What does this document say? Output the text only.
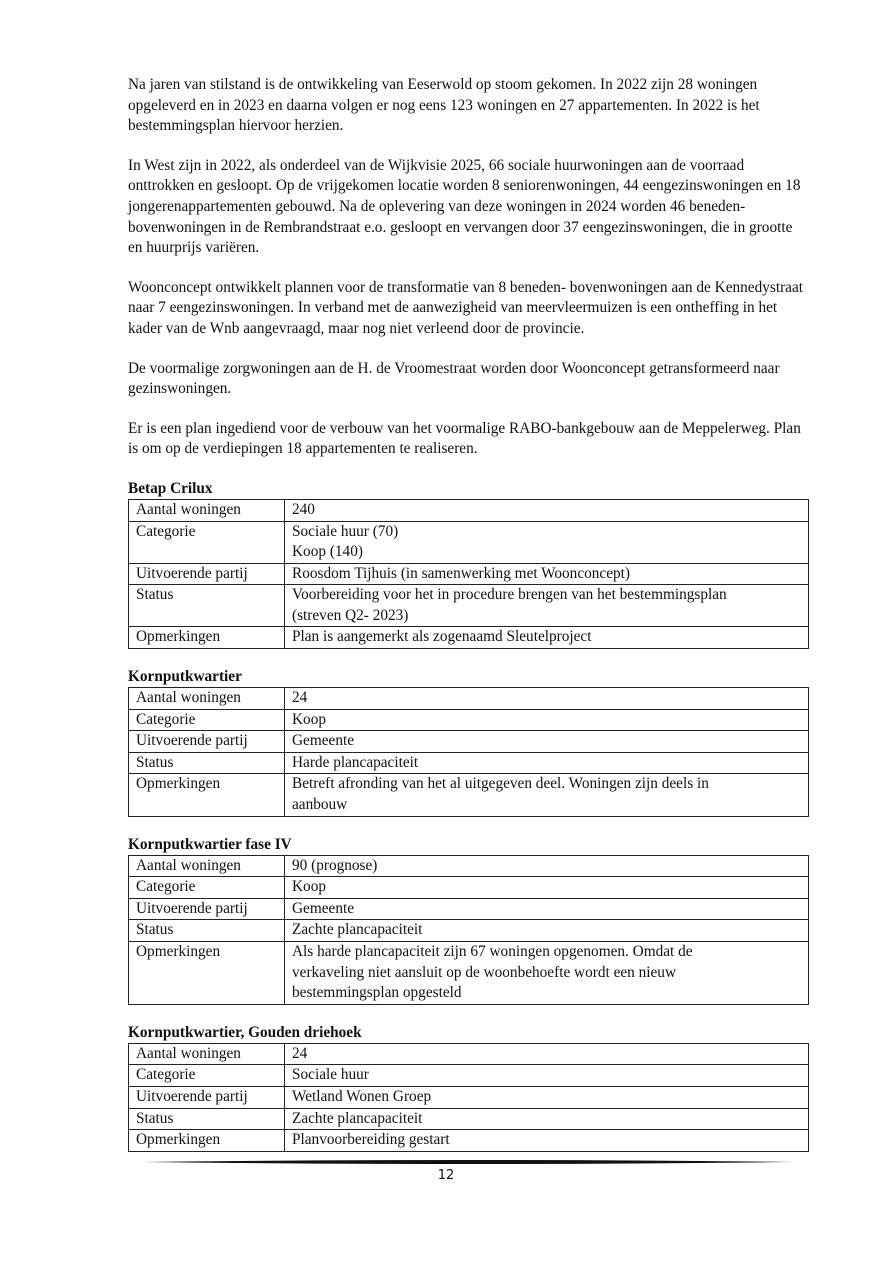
Na jaren van stilstand is de ontwikkeling van Eeserwold op stoom gekomen. In 2022 zijn 28 woningen opgeleverd en in 2023 en daarna volgen er nog eens 123 woningen en 27 appartementen. In 2022 is het bestemmingsplan hiervoor herzien.

In West zijn in 2022, als onderdeel van de Wijkvisie 2025, 66 sociale huurwoningen aan de voorraad onttrokken en gesloopt. Op de vrijgekomen locatie worden 8 seniorenwoningen, 44 eengezinswoningen en 18 jongerenappartementen gebouwd. Na de oplevering van deze woningen in 2024 worden 46 beneden-bovenwoningen in de Rembrandstraat e.o. gesloopt en vervangen door 37 eengezinswoningen, die in grootte en huurprijs variëren.

Woonconcept ontwikkelt plannen voor de transformatie van 8 beneden- bovenwoningen aan de Kennedystraat naar 7 eengezinswoningen. In verband met de aanwezigheid van meervleermuizen is een ontheffing in het kader van de Wnb aangevraagd, maar nog niet verleend door de provincie.

De voormalige zorgwoningen aan de H. de Vroomestraat worden door Woonconcept getransformeerd naar gezinswoningen.

Er is een plan ingediend voor de verbouw van het voormalige RABO-bankgebouw aan de Meppelerweg. Plan is om op de verdiepingen 18 appartementen te realiseren.

Betap Crilux
Aantal woningen	240

Categorie	Sociale huur (70)
Koop (140)

Uitvoerende partij	Roosdom Tijhuis (in samenwerking met Woonconcept)

Status	Voorbereiding voor het in procedure brengen van het bestemmingsplan
(streven Q2- 2023)

Opmerkingen	Plan is aangemerkt als zogenaamd Sleutelproject
Kornputkwartier
Aantal woningen	24

Categorie	Koop

Uitvoerende partij	Gemeente

Status	Harde plancapaciteit

Opmerkingen	Betreft afronding van het al uitgegeven deel. Woningen zijn deels in
aanbouw
Kornputkwartier fase IV
Aantal woningen	90 (prognose)

Categorie	Koop

Uitvoerende partij	Gemeente

Status	Zachte plancapaciteit

Opmerkingen	Als harde plancapaciteit zijn 67 woningen opgenomen. Omdat de
verkaveling niet aansluit op de woonbehoefte wordt een nieuw
bestemmingsplan opgesteld
Kornputkwartier, Gouden driehoek
Aantal woningen	24

Categorie	Sociale huur

Uitvoerende partij	Wetland Wonen Groep

Status	Zachte plancapaciteit

Opmerkingen	Planvoorbereiding gestart
12
